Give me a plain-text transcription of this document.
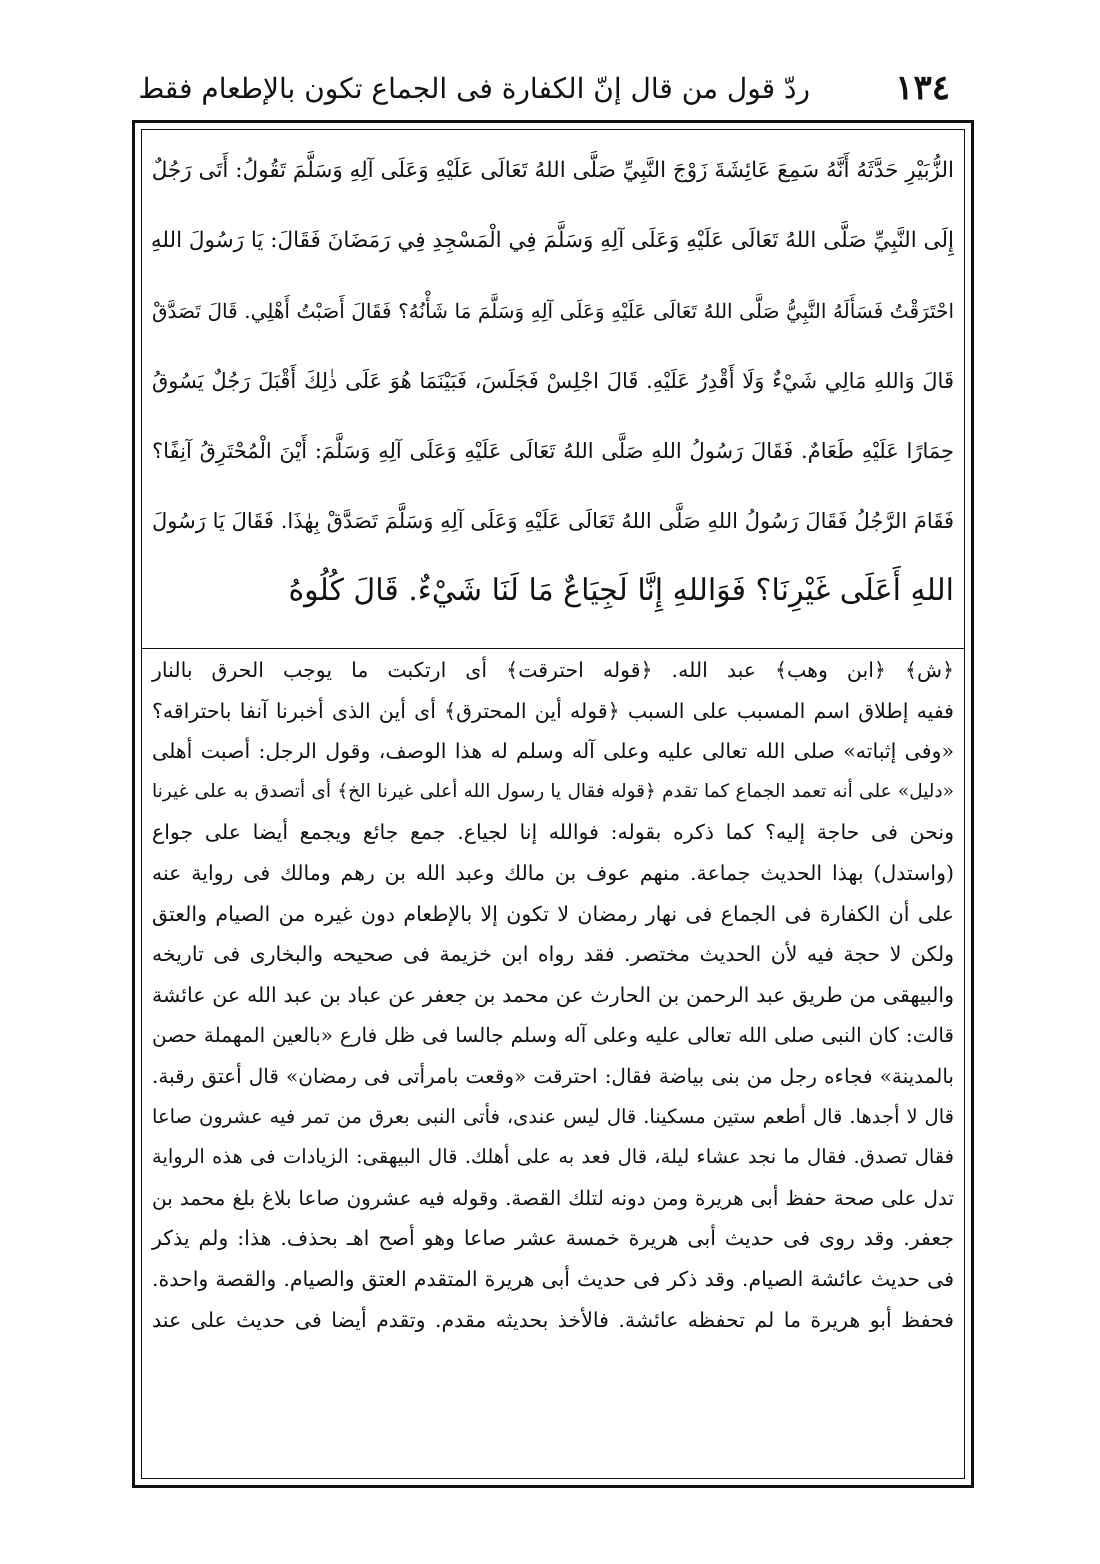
١٣٤
ردّ قول من قال إنّ الكفارة فى الجماع تكون بالإطعام فقط
الزُّبَيْرِ حَدَّثَهُ أَنَّهُ سَمِعَ عَائِشَةَ زَوْجَ النَّبِيِّ صَلَّى اللهُ تَعَالَى عَلَيْهِ وَعَلَى آلِهِ وَسَلَّمَ تَقُولُ: أَتَى رَجُلٌ
إِلَى النَّبِيِّ صَلَّى اللهُ تَعَالَى عَلَيْهِ وَعَلَى آلِهِ وَسَلَّمَ فِي الْمَسْجِدِ فِي رَمَضَانَ فَقَالَ: يَا رَسُولَ اللهِ
احْتَرَقْتُ فَسَأَلَهُ النَّبِيُّ صَلَّى اللهُ تَعَالَى عَلَيْهِ وَعَلَى آلِهِ وَسَلَّمَ مَا شَأْنُهُ؟ فَقَالَ أَصَبْتُ أَهْلِي. قَالَ تَصَدَّقْ
قَالَ وَاللهِ مَالِي شَيْءٌ وَلَا أَقْدِرُ عَلَيْهِ. قَالَ اجْلِسْ فَجَلَسَ، فَبَيْنَمَا هُوَ عَلَى ذٰلِكَ أَقْبَلَ رَجُلٌ يَسُوقُ
حِمَارًا عَلَيْهِ طَعَامٌ. فَقَالَ رَسُولُ اللهِ صَلَّى اللهُ تَعَالَى عَلَيْهِ وَعَلَى آلِهِ وَسَلَّمَ: أَيْنَ الْمُحْتَرِقُ آنِفًا؟
فَقَامَ الرَّجُلُ فَقَالَ رَسُولُ اللهِ صَلَّى اللهُ تَعَالَى عَلَيْهِ وَعَلَى آلِهِ وَسَلَّمَ تَصَدَّقْ بِهٰذَا. فَقَالَ يَا رَسُولَ
اللهِ أَعَلَى غَيْرِنَا؟ فَوَاللهِ إِنَّا لَجِيَاعٌ مَا لَنَا شَيْءٌ. قَالَ كُلُوهُ
﴿ش﴾ ﴿ابن وهب﴾ عبد الله. ﴿قوله احترقت﴾ أى ارتكبت ما يوجب الحرق بالنار
ففيه إطلاق اسم المسبب على السبب ﴿قوله أين المحترق﴾ أى أين الذى أخبرنا آنفا باحتراقه؟
«وفى إثباته» صلى الله تعالى عليه وعلى آله وسلم له هذا الوصف، وقول الرجل: أصبت أهلى
«دليل» على أنه تعمد الجماع كما تقدم ﴿قوله فقال يا رسول الله أعلى غيرنا الخ﴾ أى أتصدق به على غيرنا
ونحن فى حاجة إليه؟ كما ذكره بقوله: فوالله إنا لجياع. جمع جائع ويجمع أيضا على جواع
(واستدل) بهذا الحديث جماعة. منهم عوف بن مالك وعبد الله بن رهم ومالك فى رواية عنه
على أن الكفارة فى الجماع فى نهار رمضان لا تكون إلا بالإطعام دون غيره من الصيام والعتق
ولكن لا حجة فيه لأن الحديث مختصر. فقد رواه ابن خزيمة فى صحيحه والبخارى فى تاريخه
والبيهقى من طريق عبد الرحمن بن الحارث عن محمد بن جعفر عن عباد بن عبد الله عن عائشة
قالت: كان النبى صلى الله تعالى عليه وعلى آله وسلم جالسا فى ظل فارع «بالعين المهملة حصن
بالمدينة» فجاءه رجل من بنى بياضة فقال: احترقت «وقعت بامرأتى فى رمضان» قال أعتق رقبة.
قال لا أجدها. قال أطعم ستين مسكينا. قال ليس عندى، فأتى النبى بعرق من تمر فيه عشرون صاعا
فقال تصدق. فقال ما نجد عشاء ليلة، قال فعد به على أهلك. قال البيهقى: الزيادات فى هذه الرواية
تدل على صحة حفظ أبى هريرة ومن دونه لتلك القصة. وقوله فيه عشرون صاعا بلاغ بلغ محمد بن
جعفر. وقد روى فى حديث أبى هريرة خمسة عشر صاعا وهو أصح اهـ بحذف. هذا: ولم يذكر
فى حديث عائشة الصيام. وقد ذكر فى حديث أبى هريرة المتقدم العتق والصيام. والقصة واحدة.
فحفظ أبو هريرة ما لم تحفظه عائشة. فالأخذ بحديثه مقدم. وتقدم أيضا فى حديث على عند
